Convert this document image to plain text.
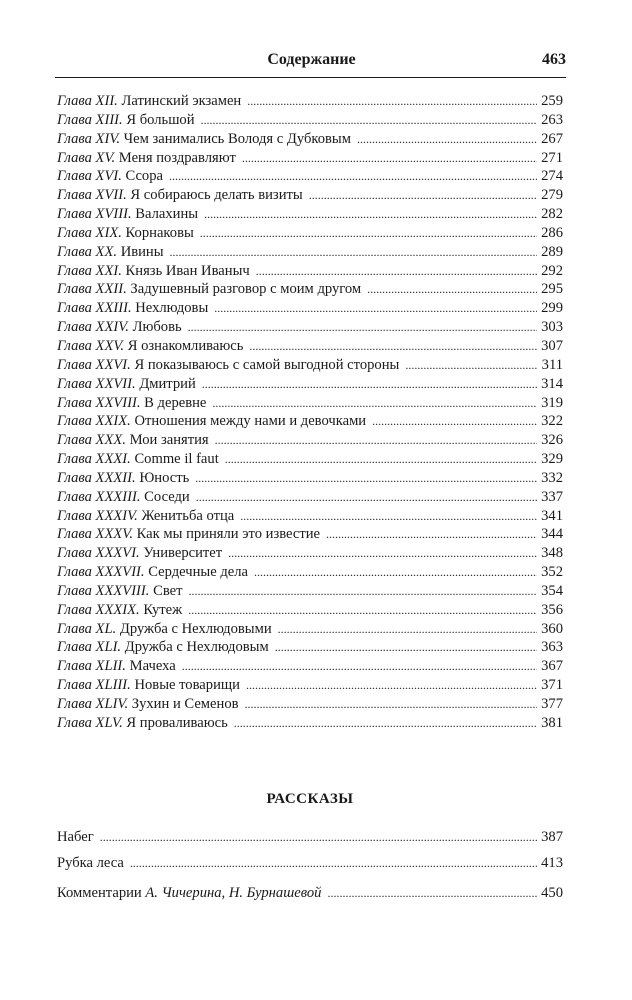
Содержание	463
Глава XII. Латинский экзамен . . .	259
Глава XIII. Я большой . . .	263
Глава XIV. Чем занимались Володя с Дубковым . . .	267
Глава XV. Меня поздравляют . . .	271
Глава XVI. Ссора . . .	274
Глава XVII. Я собираюсь делать визиты . . .	279
Глава XVIII. Валахины . . .	282
Глава XIX. Корнаковы . . .	286
Глава XX. Ивины . . .	289
Глава XXI. Князь Иван Иваныч . . .	292
Глава XXII. Задушевный разговор с моим другом . . .	295
Глава XXIII. Нехлюдовы . . .	299
Глава XXIV. Любовь . . .	303
Глава XXV. Я ознакомливаюсь . . .	307
Глава XXVI. Я показываюсь с самой выгодной стороны . . .	311
Глава XXVII. Дмитрий . . .	314
Глава XXVIII. В деревне . . .	319
Глава XXIX. Отношения между нами и девочками . . .	322
Глава XXX. Мои занятия . . .	326
Глава XXXI. Comme il faut . . .	329
Глава XXXII. Юность . . .	332
Глава XXXIII. Соседи . . .	337
Глава XXXIV. Женитьба отца . . .	341
Глава XXXV. Как мы приняли это известие . . .	344
Глава XXXVI. Университет . . .	348
Глава XXXVII. Сердечные дела . . .	352
Глава XXXVIII. Свет . . .	354
Глава XXXIX. Кутеж . . .	356
Глава XL. Дружба с Нехлюдовыми . . .	360
Глава XLI. Дружба с Нехлюдовым . . .	363
Глава XLII. Мачеха . . .	367
Глава XLIII. Новые товарищи . . .	371
Глава XLIV. Зухин и Семенов . . .	377
Глава XLV. Я проваливаюсь . . .	381
РАССКАЗЫ
Набег . . .	387
Рубка леса . . .	413
Комментарии А. Чичерина, Н. Бурнашевой . . .	450
